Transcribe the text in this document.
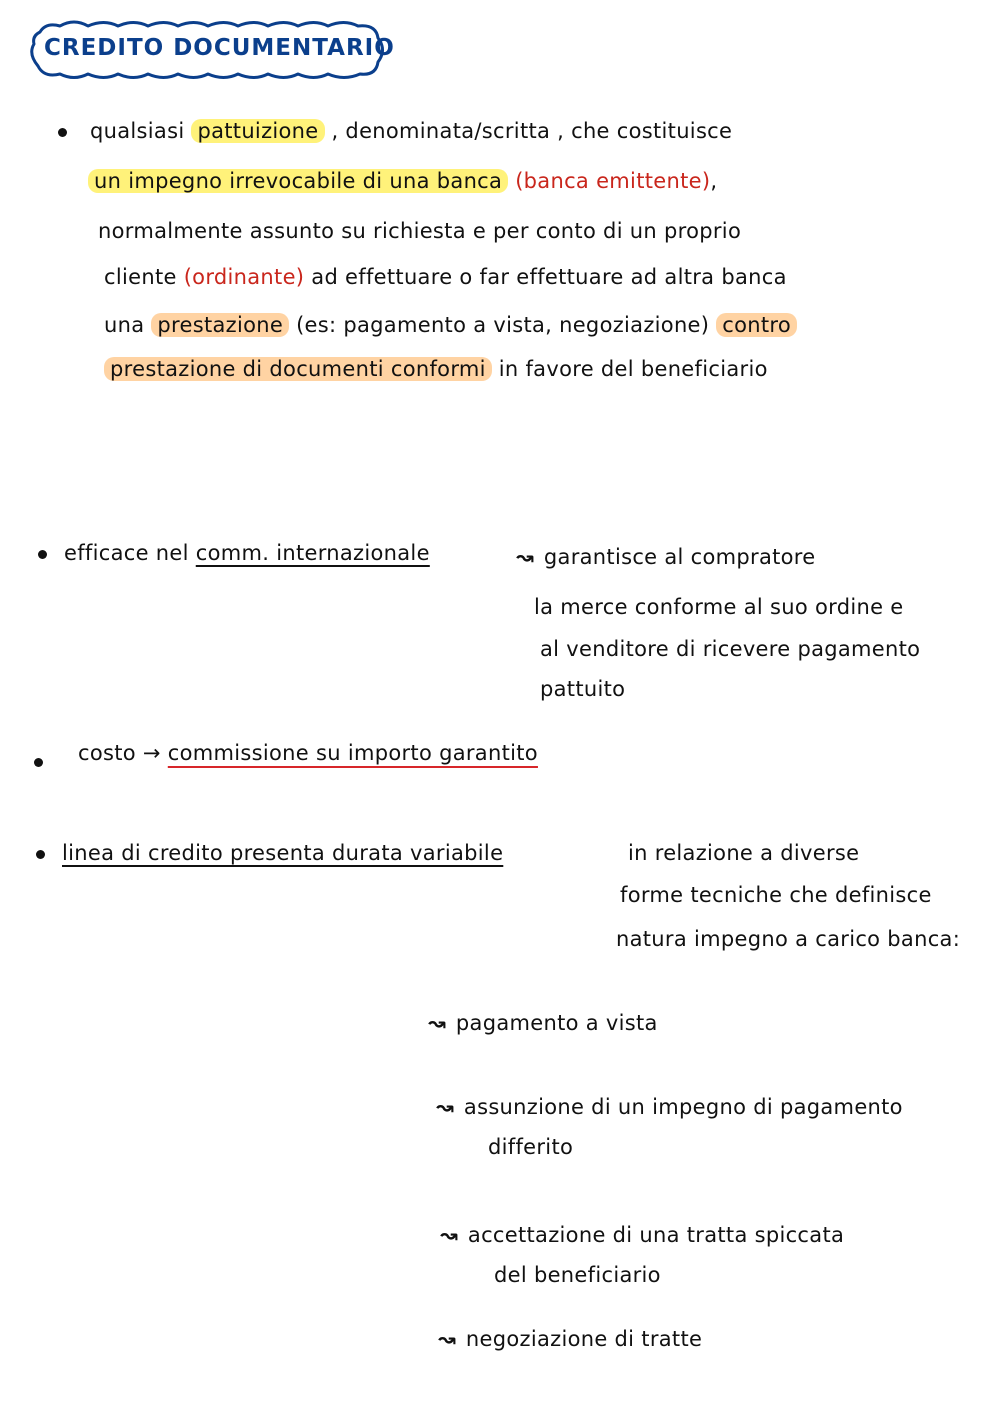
CREDITO DOCUMENTARIO
qualsiasi pattuizione , denominata/scritta , che costituisce
un impegno irrevocabile di una banca (banca emittente),
normalmente assunto su richiesta e per conto di un proprio
cliente (ordinante) ad effettuare o far effettuare ad altra banca
una prestazione (es: pagamento a vista, negoziazione) contro
prestazione di documenti conformi in favore del beneficiario
efficace nel comm. internazionale	↝ garantisce al compratore
la merce conforme al suo ordine e
al venditore di ricevere pagamento
pattuito
costo → commissione su importo garantito
linea di credito presenta durata variabile	in relazione a diverse
forme tecniche che definisce
natura impegno a carico banca:
↝ pagamento a vista
↝ assunzione di un impegno di pagamento
differito
↝ accettazione di una tratta spiccata
del beneficiario
↝ negoziazione di tratte
